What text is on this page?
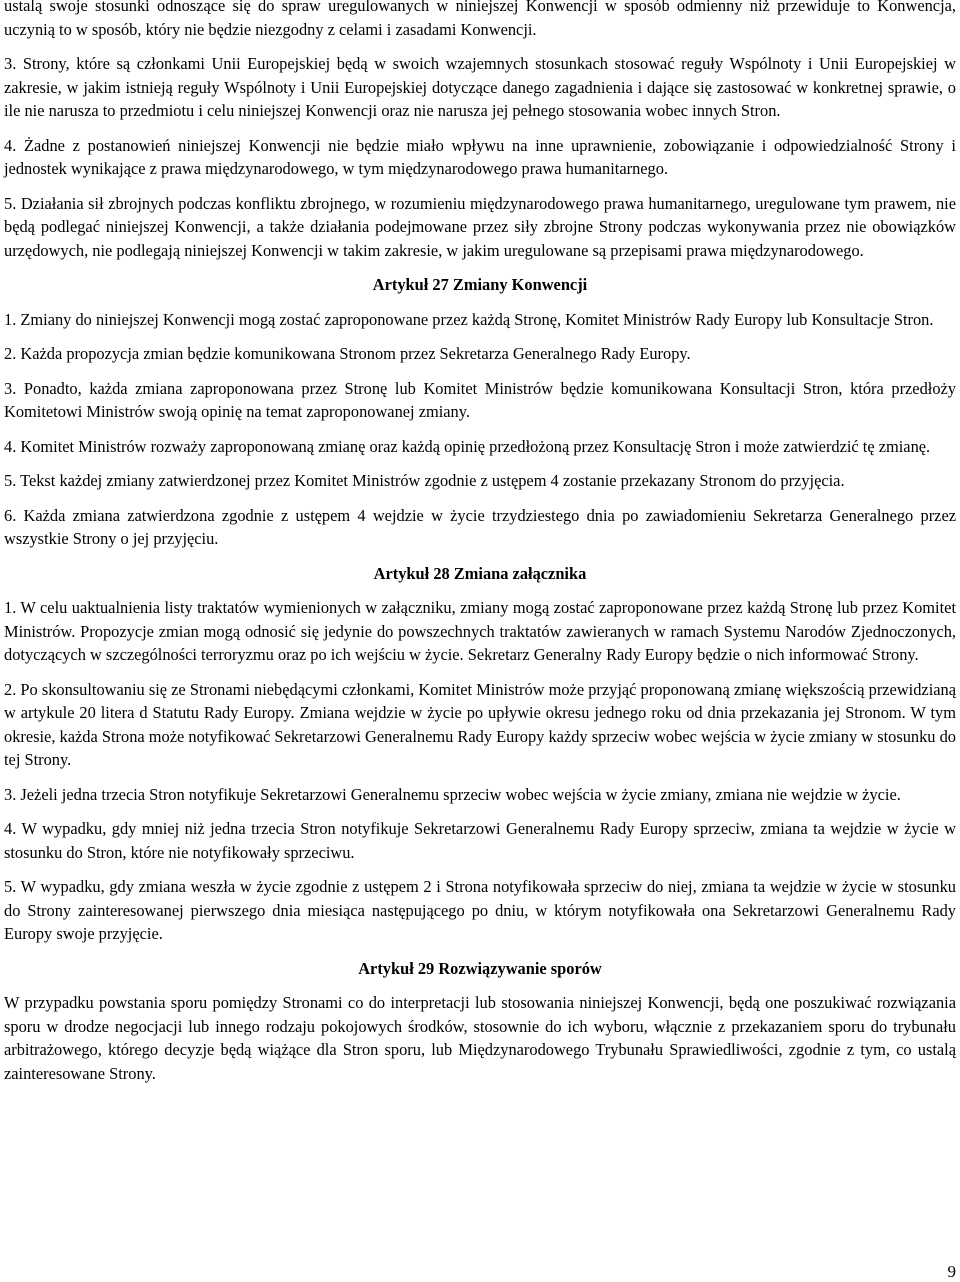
ustalą swoje stosunki odnoszące się do spraw uregulowanych w niniejszej Konwencji w sposób odmienny niż przewiduje to Konwencja, uczynią to w sposób, który nie będzie niezgodny z celami i zasadami Konwencji.

3. Strony, które są członkami Unii Europejskiej będą w swoich wzajemnych stosunkach stosować reguły Wspólnoty i Unii Europejskiej w zakresie, w jakim istnieją reguły Wspólnoty i Unii Europejskiej dotyczące danego zagadnienia i dające się zastosować w konkretnej sprawie, o ile nie narusza to przedmiotu i celu niniejszej Konwencji oraz nie narusza jej pełnego stosowania wobec innych Stron.

4. Żadne z postanowień niniejszej Konwencji nie będzie miało wpływu na inne uprawnienie, zobowiązanie i odpowiedzialność Strony i jednostek wynikające z prawa międzynarodowego, w tym międzynarodowego prawa humanitarnego.

5. Działania sił zbrojnych podczas konfliktu zbrojnego, w rozumieniu międzynarodowego prawa humanitarnego, uregulowane tym prawem, nie będą podlegać niniejszej Konwencji, a także działania podejmowane przez siły zbrojne Strony podczas wykonywania przez nie obowiązków urzędowych, nie podlegają niniejszej Konwencji w takim zakresie, w jakim uregulowane są przepisami prawa międzynarodowego.

Artykuł 27 Zmiany Konwencji

1. Zmiany do niniejszej Konwencji mogą zostać zaproponowane przez każdą Stronę, Komitet Ministrów Rady Europy lub Konsultacje Stron.

2. Każda propozycja zmian będzie komunikowana Stronom przez Sekretarza Generalnego Rady Europy.

3. Ponadto, każda zmiana zaproponowana przez Stronę lub Komitet Ministrów będzie komunikowana Konsultacji Stron, która przedłoży Komitetowi Ministrów swoją opinię na temat zaproponowanej zmiany.

4. Komitet Ministrów rozważy zaproponowaną zmianę oraz każdą opinię przedłożoną przez Konsultację Stron i może zatwierdzić tę zmianę.

5. Tekst każdej zmiany zatwierdzonej przez Komitet Ministrów zgodnie z ustępem 4 zostanie przekazany Stronom do przyjęcia.

6. Każda zmiana zatwierdzona zgodnie z ustępem 4 wejdzie w życie trzydziestego dnia po zawiadomieniu Sekretarza Generalnego przez wszystkie Strony o jej przyjęciu.

Artykuł 28 Zmiana załącznika

1. W celu uaktualnienia listy traktatów wymienionych w załączniku, zmiany mogą zostać zaproponowane przez każdą Stronę lub przez Komitet Ministrów. Propozycje zmian mogą odnosić się jedynie do powszechnych traktatów zawieranych w ramach Systemu Narodów Zjednoczonych, dotyczących w szczególności terroryzmu oraz po ich wejściu w życie. Sekretarz Generalny Rady Europy będzie o nich informować Strony.

2. Po skonsultowaniu się ze Stronami niebędącymi członkami, Komitet Ministrów może przyjąć proponowaną zmianę większością przewidzianą w artykule 20 litera d Statutu Rady Europy. Zmiana wejdzie w życie po upływie okresu jednego roku od dnia przekazania jej Stronom. W tym okresie, każda Strona może notyfikować Sekretarzowi Generalnemu Rady Europy każdy sprzeciw wobec wejścia w życie zmiany w stosunku do tej Strony.

3. Jeżeli jedna trzecia Stron notyfikuje Sekretarzowi Generalnemu sprzeciw wobec wejścia w życie zmiany, zmiana nie wejdzie w życie.

4. W wypadku, gdy mniej niż jedna trzecia Stron notyfikuje Sekretarzowi Generalnemu Rady Europy sprzeciw, zmiana ta wejdzie w życie w stosunku do Stron, które nie notyfikowały sprzeciwu.

5. W wypadku, gdy zmiana weszła w życie zgodnie z ustępem 2 i Strona notyfikowała sprzeciw do niej, zmiana ta wejdzie w życie w stosunku do Strony zainteresowanej pierwszego dnia miesiąca następującego po dniu, w którym notyfikowała ona Sekretarzowi Generalnemu Rady Europy swoje przyjęcie.

Artykuł 29 Rozwiązywanie sporów

W przypadku powstania sporu pomiędzy Stronami co do interpretacji lub stosowania niniejszej Konwencji, będą one poszukiwać rozwiązania sporu w drodze negocjacji lub innego rodzaju pokojowych środków, stosownie do ich wyboru, włącznie z przekazaniem sporu do trybunału arbitrażowego, którego decyzje będą wiążące dla Stron sporu, lub Międzynarodowego Trybunału Sprawiedliwości, zgodnie z tym, co ustalą zainteresowane Strony.

9
